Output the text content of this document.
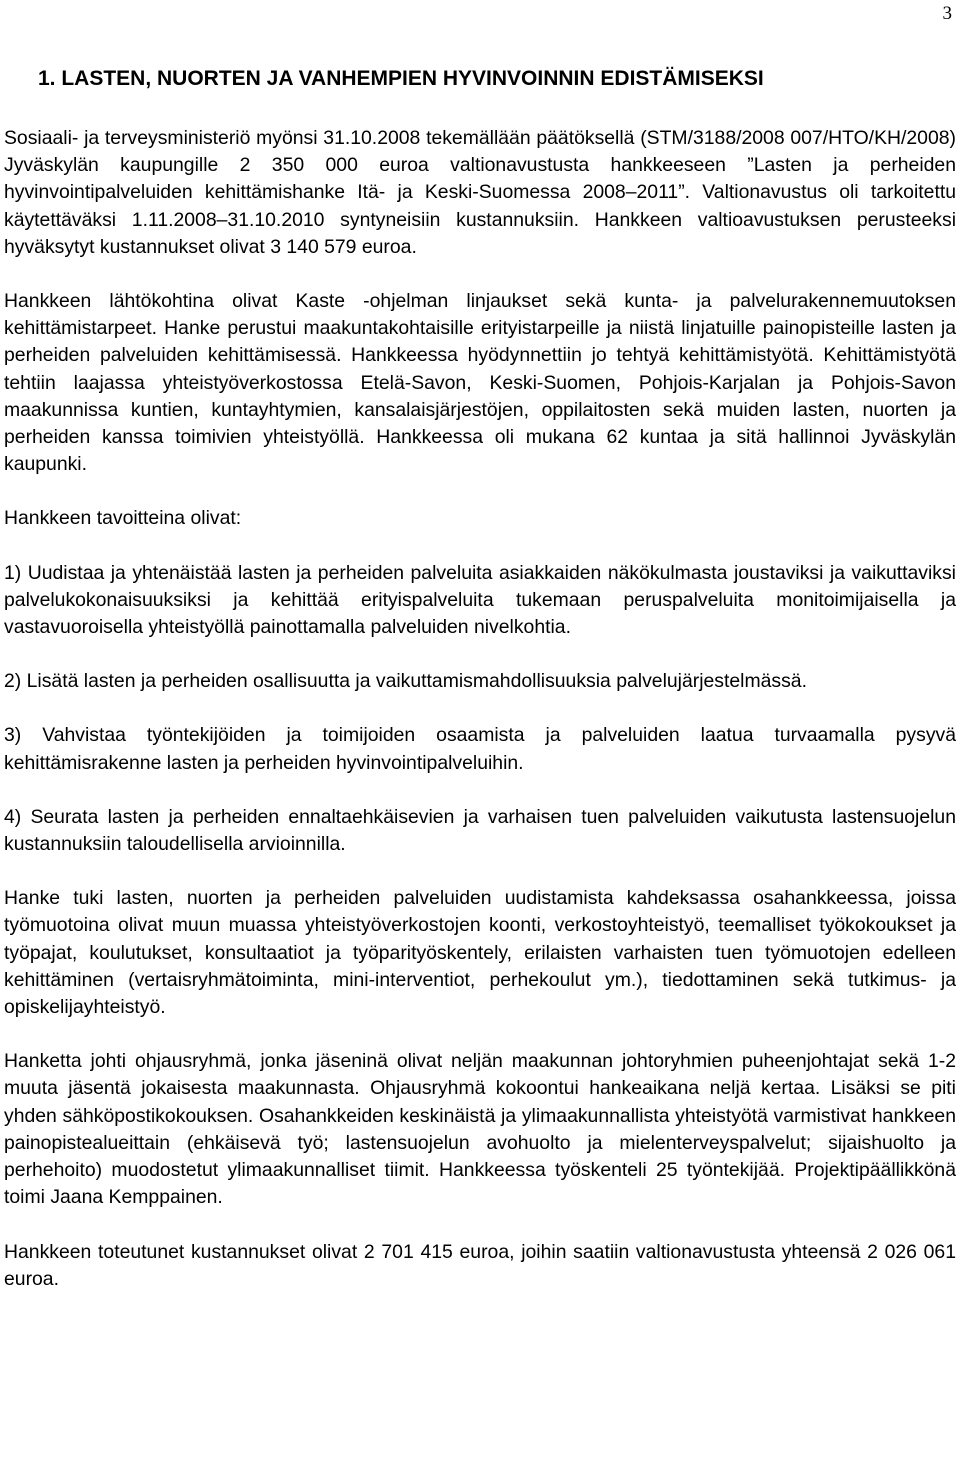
3
1. LASTEN, NUORTEN JA VANHEMPIEN HYVINVOINNIN EDISTÄMISEKSI

Sosiaali- ja terveysministeriö myönsi 31.10.2008 tekemällään päätöksellä (STM/3188/2008 007/HTO/KH/2008) Jyväskylän kaupungille 2 350 000 euroa valtionavustusta hankkeeseen ”Lasten ja perheiden hyvinvointipalveluiden kehittämishanke Itä- ja Keski-Suomessa 2008–2011”. Valtionavustus oli tarkoitettu käytettäväksi 1.11.2008–31.10.2010 syntyneisiin kustannuksiin. Hankkeen valtioavustuksen perusteeksi hyväksytyt kustannukset olivat 3 140 579 euroa.

Hankkeen lähtökohtina olivat Kaste -ohjelman linjaukset sekä kunta- ja palvelurakennemuutoksen kehittämistarpeet. Hanke perustui maakuntakohtaisille erityistarpeille ja niistä linjatuille painopisteille lasten ja perheiden palveluiden kehittämisessä. Hankkeessa hyödynnettiin jo tehtyä kehittämistyötä. Kehittämistyötä tehtiin laajassa yhteistyöverkostossa Etelä-Savon, Keski-Suomen, Pohjois-Karjalan ja Pohjois-Savon maakunnissa kuntien, kuntayhtymien, kansalaisjärjestöjen, oppilaitosten sekä muiden lasten, nuorten ja perheiden kanssa toimivien yhteistyöllä. Hankkeessa oli mukana 62 kuntaa ja sitä hallinnoi Jyväskylän kaupunki.

Hankkeen tavoitteina olivat:

1) Uudistaa ja yhtenäistää lasten ja perheiden palveluita asiakkaiden näkökulmasta joustaviksi ja vaikuttaviksi palvelukokonaisuuksiksi ja kehittää erityispalveluita tukemaan peruspalveluita monitoimijaisella ja vastavuoroisella yhteistyöllä painottamalla palveluiden nivelkohtia.

2) Lisätä lasten ja perheiden osallisuutta ja vaikuttamismahdollisuuksia palvelujärjestelmässä.

3) Vahvistaa työntekijöiden ja toimijoiden osaamista ja palveluiden laatua turvaamalla pysyvä kehittämisrakenne lasten ja perheiden hyvinvointipalveluihin.

4) Seurata lasten ja perheiden ennaltaehkäisevien ja varhaisen tuen palveluiden vaikutusta lastensuojelun kustannuksiin taloudellisella arvioinnilla.

Hanke tuki lasten, nuorten ja perheiden palveluiden uudistamista kahdeksassa osahankkeessa, joissa työmuotoina olivat muun muassa yhteistyöverkostojen koonti, verkostoyhteistyö, teemalliset työkokoukset ja työpajat, koulutukset, konsultaatiot ja työparityöskentely, erilaisten varhaisten tuen työmuotojen edelleen kehittäminen (vertaisryhmätoiminta, mini-interventiot, perhekoulut ym.), tiedottaminen sekä tutkimus- ja opiskelijayhteistyö.

Hanketta johti ohjausryhmä, jonka jäseninä olivat neljän maakunnan johtoryhmien puheenjohtajat sekä 1-2 muuta jäsentä jokaisesta maakunnasta. Ohjausryhmä kokoontui hankeaikana neljä kertaa. Lisäksi se piti yhden sähköpostikokouksen. Osahankkeiden keskinäistä ja ylimaakunnallista yhteistyötä varmistivat hankkeen painopistealueittain (ehkäisevä työ; lastensuojelun avohuolto ja mielenterveyspalvelut; sijaishuolto ja perhehoito) muodostetut ylimaakunnalliset tiimit. Hankkeessa työskenteli 25 työntekijää. Projektipäällikkönä toimi Jaana Kemppainen.

Hankkeen toteutunet kustannukset olivat 2 701 415 euroa, joihin saatiin valtionavustusta yhteensä 2 026 061 euroa.
